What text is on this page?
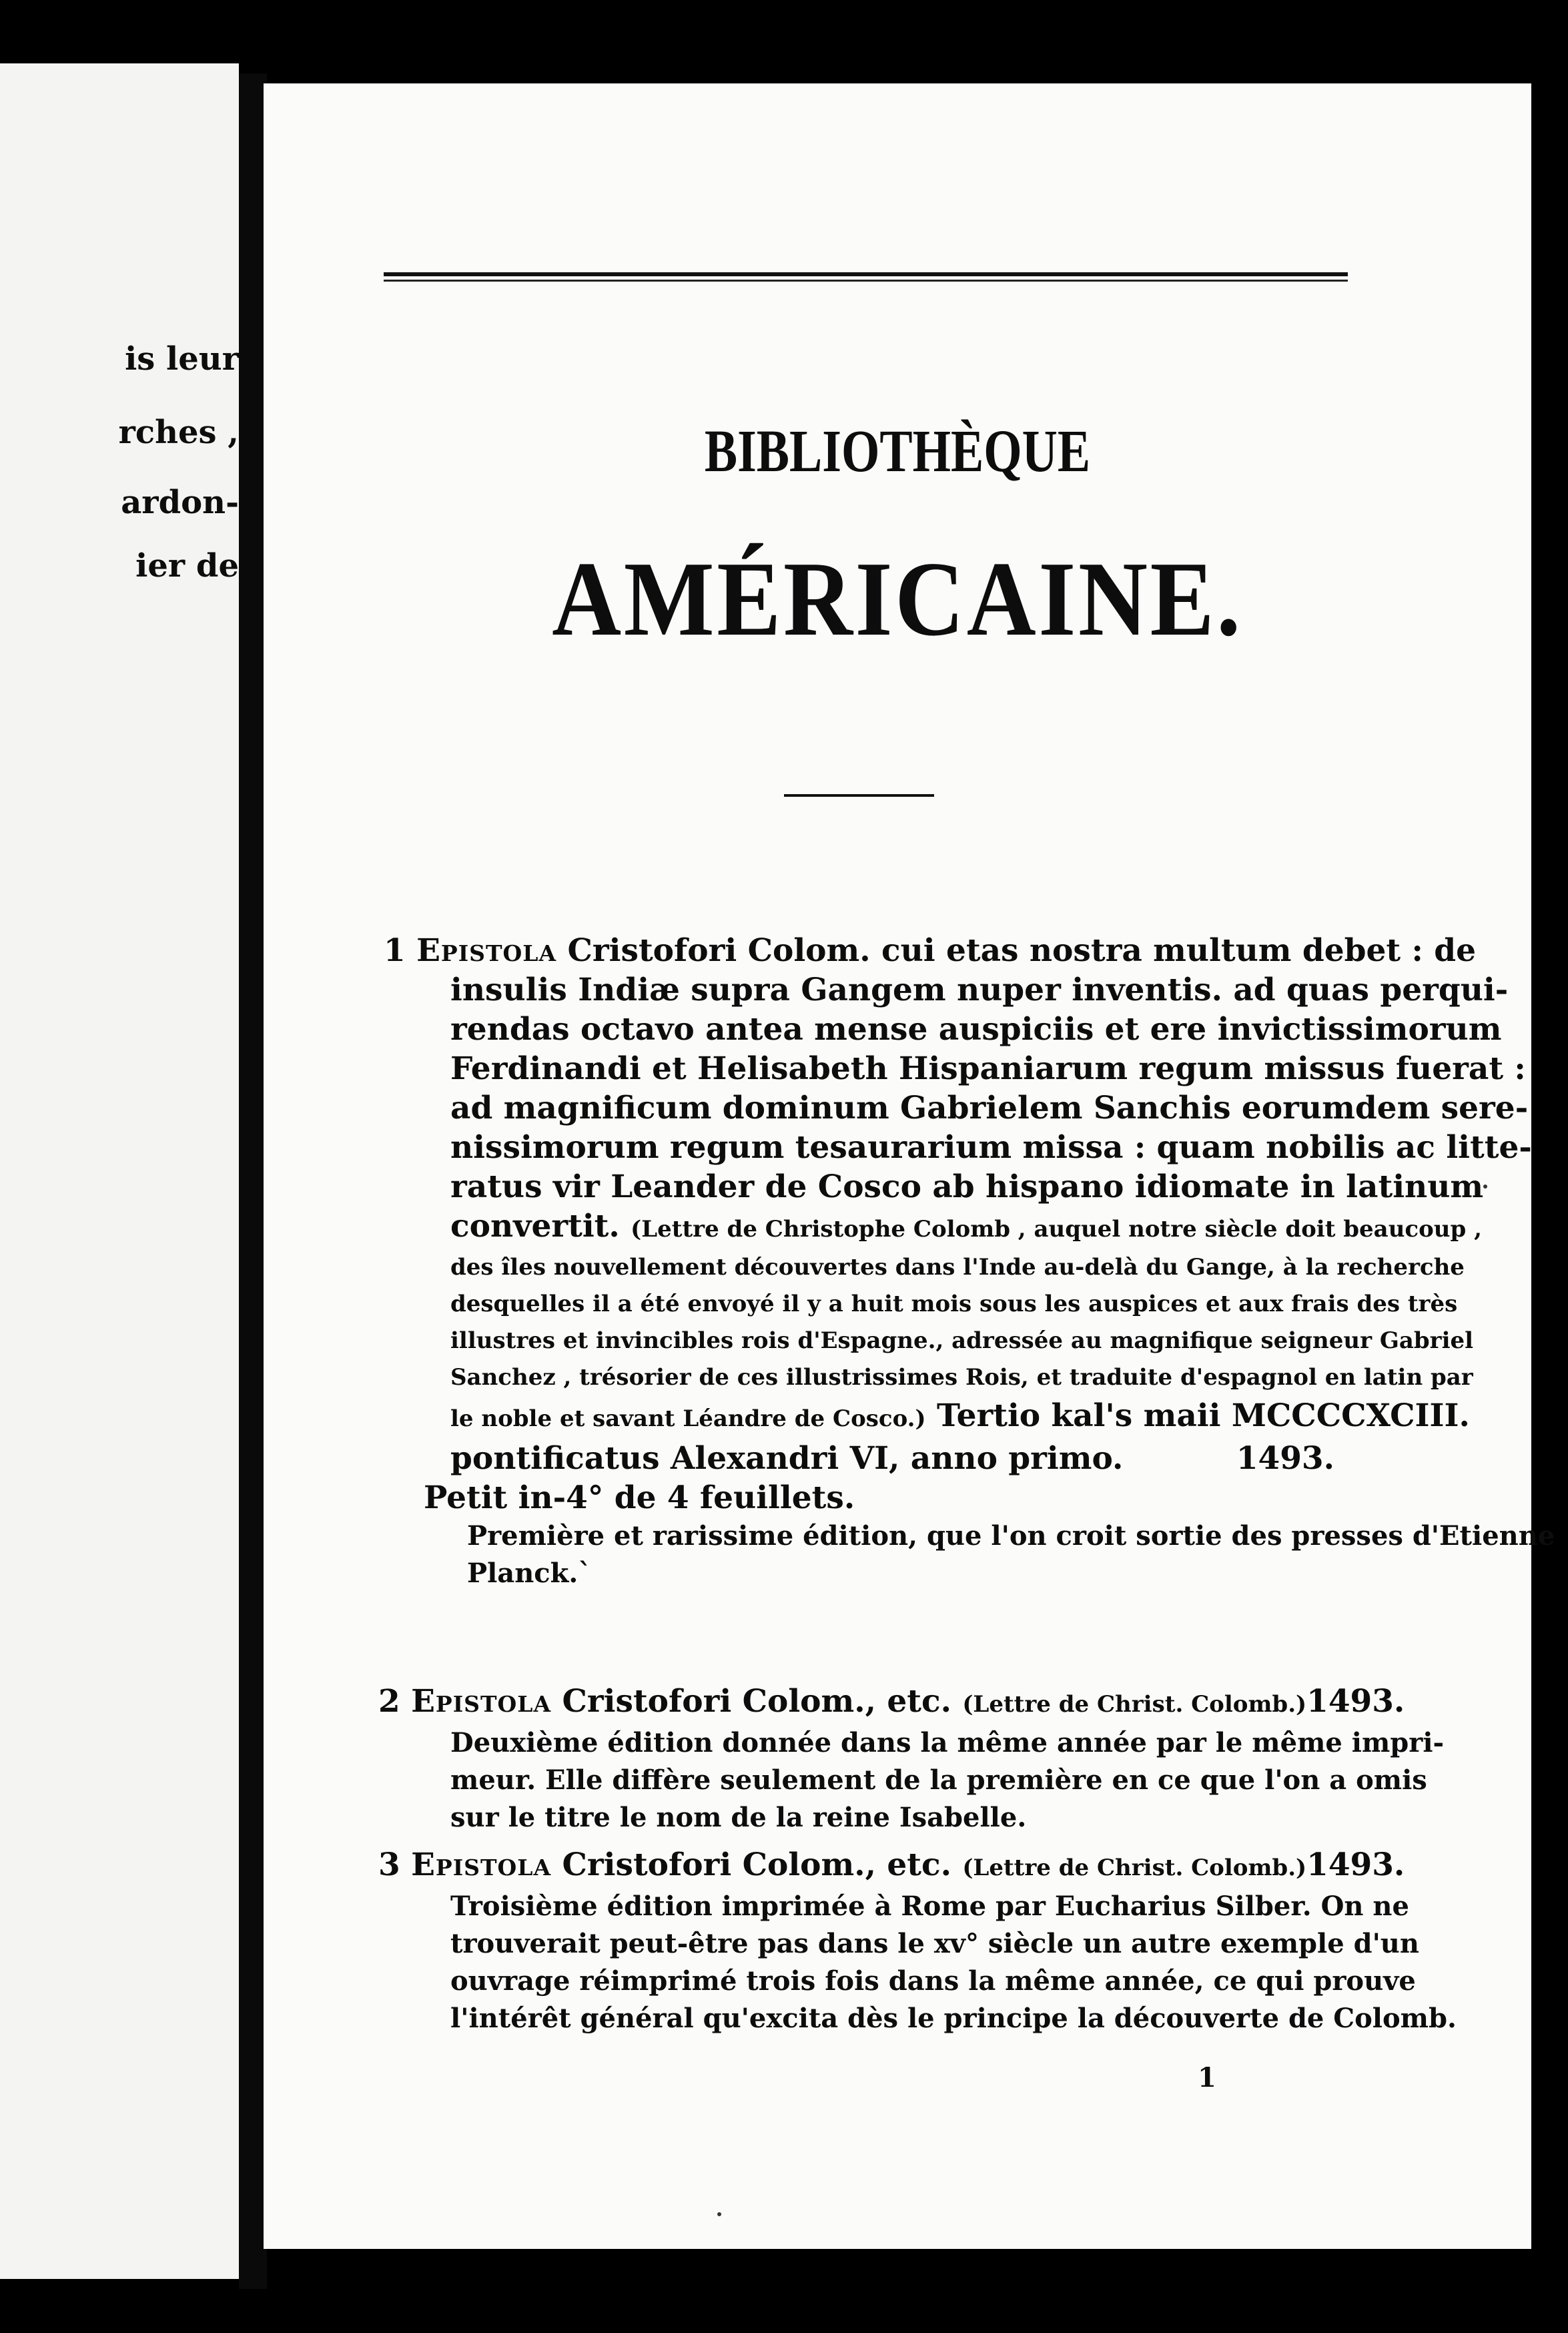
is leur
rches ,
ardon-
ier de
BIBLIOTHÈQUE
AMÉRICAINE.
1 Epistola Cristofori Colom. cui etas nostra multum debet : de
insulis Indiæ supra Gangem nuper inventis. ad quas perqui-
rendas octavo antea mense auspiciis et ere invictissimorum
Ferdinandi et Helisabeth Hispaniarum regum missus fuerat :
ad magnificum dominum Gabrielem Sanchis eorumdem sere-
nissimorum regum tesaurarium missa : quam nobilis ac litte-
ratus vir Leander de Cosco ab hispano idiomate in latinum
convertit. (Lettre de Christophe Colomb , auquel notre siècle doit beaucoup ,
des îles nouvellement découvertes dans l'Inde au-delà du Gange, à la recherche
desquelles il a été envoyé il y a huit mois sous les auspices et aux frais des très
illustres et invincibles rois d'Espagne., adressée au magnifique seigneur Gabriel
Sanchez , trésorier de ces illustrissimes Rois, et traduite d'espagnol en latin par
le noble et savant Léandre de Cosco.) Tertio kal's maii MCCCCXCIII.
pontificatus Alexandri VI, anno primo.	1493.
Petit in-4° de 4 feuillets.
Première et rarissime édition, que l'on croit sortie des presses d'Etienne
Planck.`
2 Epistola Cristofori Colom., etc. (Lettre de Christ. Colomb.) 1493.
Deuxième édition donnée dans la même année par le même impri-
meur. Elle diffère seulement de la première en ce que l'on a omis
sur le titre le nom de la reine Isabelle.
3 Epistola Cristofori Colom., etc. (Lettre de Christ. Colomb.) 1493.
Troisième édition imprimée à Rome par Eucharius Silber. On ne
trouverait peut-être pas dans le xv° siècle un autre exemple d'un
ouvrage réimprimé trois fois dans la même année, ce qui prouve
l'intérêt général qu'excita dès le principe la découverte de Colomb.
1
